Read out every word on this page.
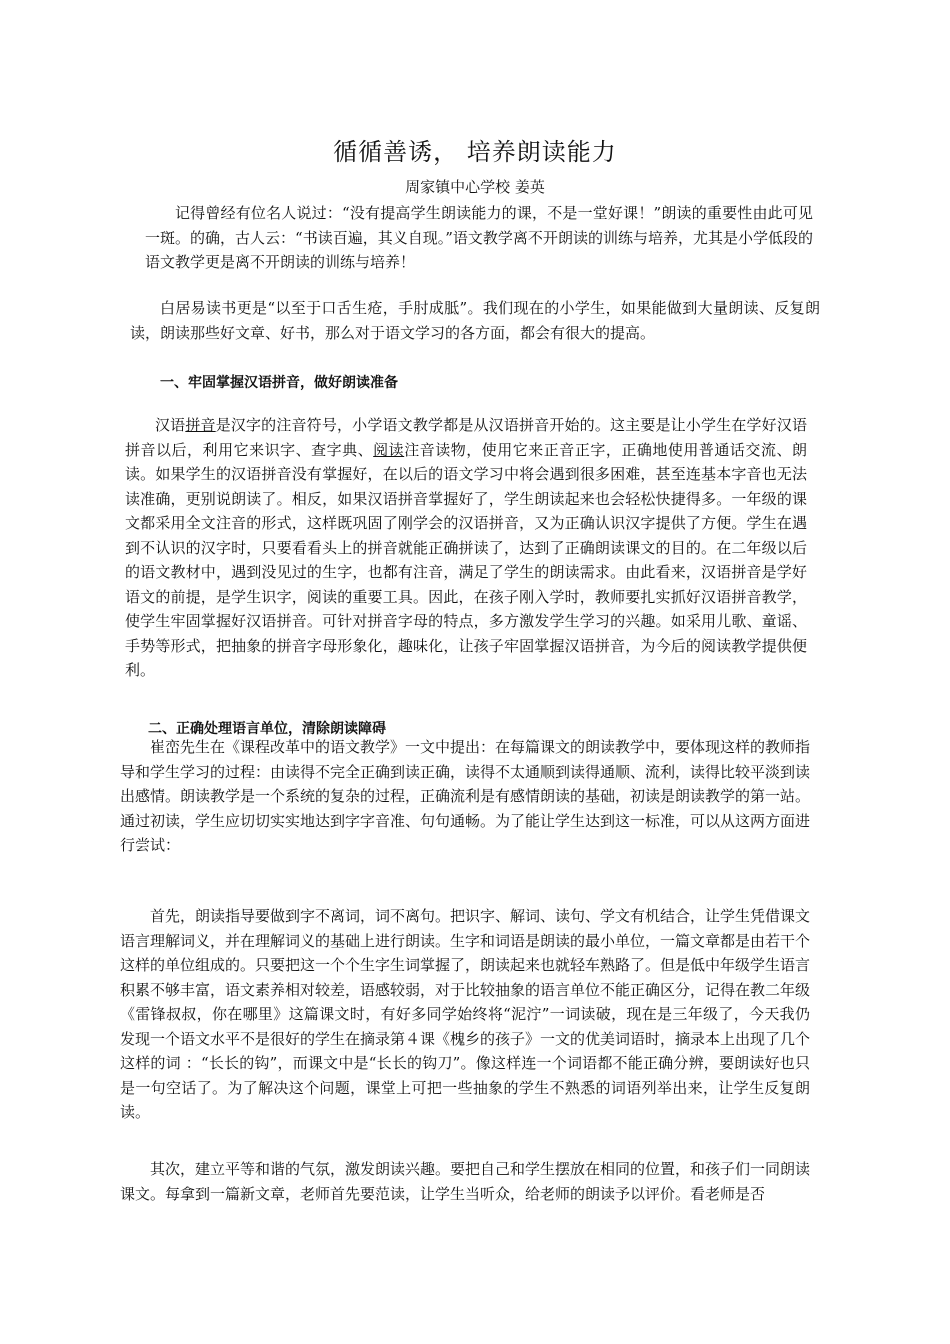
循循善诱， 培养朗读能力
周家镇中心学校 姜英

记得曾经有位名人说过：“没有提高学生朗读能力的课，不是一堂好课！”朗读的重要性由此可见一斑。的确，古人云：“书读百遍，其义自现。”语文教学离不开朗读的训练与培养，尤其是小学低段的语文教学更是离不开朗读的训练与培养！

白居易读书更是“以至于口舌生疮，手肘成胝”。我们现在的小学生，如果能做到大量朗读、反复朗读，朗读那些好文章、好书，那么对于语文学习的各方面，都会有很大的提高。

一、牢固掌握汉语拼音，做好朗读准备

汉语拼音是汉字的注音符号，小学语文教学都是从汉语拼音开始的。这主要是让小学生在学好汉语拼音以后，利用它来识字、查字典、阅读注音读物，使用它来正音正字，正确地使用普通话交流、朗读。如果学生的汉语拼音没有掌握好，在以后的语文学习中将会遇到很多困难，甚至连基本字音也无法读准确，更别说朗读了。相反，如果汉语拼音掌握好了，学生朗读起来也会轻松快捷得多。一年级的课文都采用全文注音的形式，这样既巩固了刚学会的汉语拼音，又为正确认识汉字提供了方便。学生在遇到不认识的汉字时，只要看看头上的拼音就能正确拼读了，达到了正确朗读课文的目的。在二年级以后的语文教材中，遇到没见过的生字，也都有注音，满足了学生的朗读需求。由此看来，汉语拼音是学好语文的前提，是学生识字，阅读的重要工具。因此，在孩子刚入学时，教师要扎实抓好汉语拼音教学，使学生牢固掌握好汉语拼音。可针对拼音字母的特点，多方激发学生学习的兴趣。如采用儿歌、童谣、手势等形式，把抽象的拼音字母形象化，趣味化，让孩子牢固掌握汉语拼音，为今后的阅读教学提供便利。

二、正确处理语言单位，清除朗读障碍

崔峦先生在《课程改革中的语文教学》一文中提出：在每篇课文的朗读教学中，要体现这样的教师指导和学生学习的过程：由读得不完全正确到读正确，读得不太通顺到读得通顺、流利，读得比较平淡到读出感情。朗读教学是一个系统的复杂的过程，正确流利是有感情朗读的基础，初读是朗读教学的第一站。通过初读，学生应切切实实地达到字字音准、句句通畅。为了能让学生达到这一标准，可以从这两方面进行尝试：

首先，朗读指导要做到字不离词，词不离句。把识字、解词、读句、学文有机结合，让学生凭借课文语言理解词义，并在理解词义的基础上进行朗读。生字和词语是朗读的最小单位，一篇文章都是由若干个这样的单位组成的。只要把这一个个生字生词掌握了，朗读起来也就轻车熟路了。但是低中年级学生语言积累不够丰富，语文素养相对较差，语感较弱，对于比较抽象的语言单位不能正确区分，记得在教二年级《雷锋叔叔，你在哪里》这篇课文时，有好多同学始终将“泥泞”一词读破，现在是三年级了，今天我仍发现一个语文水平不是很好的学生在摘录第４课《槐乡的孩子》一文的优美词语时，摘录本上出现了几个这样的词 ：“长长的钩”，而课文中是“长长的钩刀”。像这样连一个词语都不能正确分辨，要朗读好也只是一句空话了。为了解决这个问题，课堂上可把一些抽象的学生不熟悉的词语列举出来，让学生反复朗读。

其次，建立平等和谐的气氛，激发朗读兴趣。要把自己和学生摆放在相同的位置，和孩子们一同朗读课文。每拿到一篇新文章，老师首先要范读，让学生当听众，给老师的朗读予以评价。看老师是否
